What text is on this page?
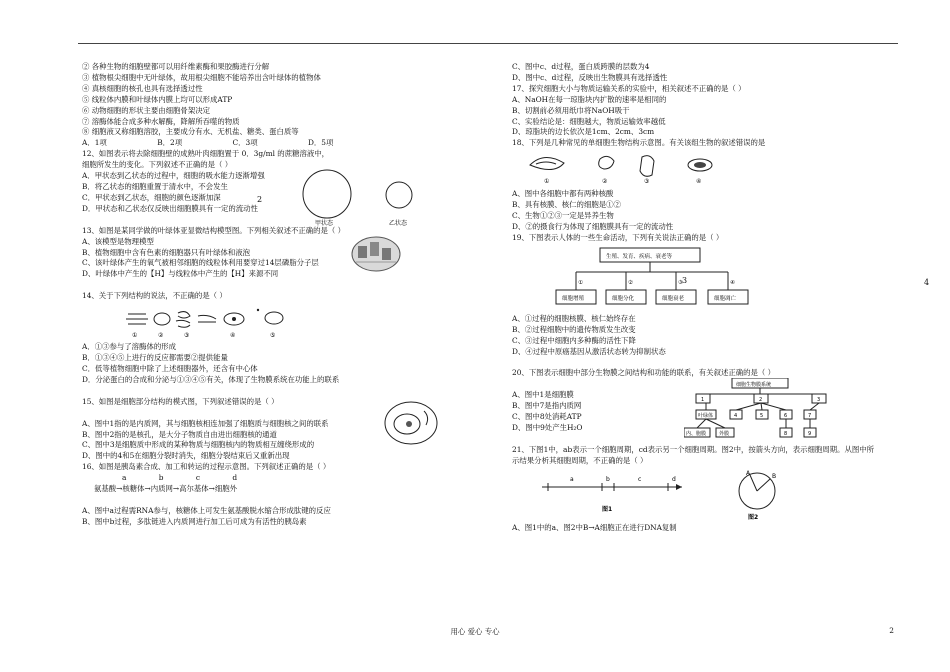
② 各种生物的细胞壁都可以用纤维素酶和果胶酶进行分解
③ 植物根尖细胞中无叶绿体，故用根尖细胞不能培养出含叶绿体的植物体
④ 真核细胞的核孔也具有选择透过性
⑤ 线粒体内膜和叶绿体内膜上均可以形成ATP
⑥ 动物细胞的形状主要由细胞骨架决定
⑦ 溶酶体能合成多种水解酶，降解所吞噬的物质
⑧ 细胞液又称细胞溶胶，主要成分有水、无机盐、糖类、蛋白质等
A．1项	B．2项	C．3项	D．5项
12、如图表示将去除细胞壁的成熟叶肉细胞置于 0．3g/ml 的蔗糖溶液中，
细胞所发生的变化。下列叙述不正确的是（ ）
A．甲状态到乙状态的过程中，细胞的吸水能力逐渐增强
B．将乙状态的细胞重置于清水中，不会发生
C．甲状态到乙状态，细胞的颜色逐渐加深
D．甲状态和乙状态仅反映出细胞膜具有一定的流动性
甲状态	乙状态
13、如图是某同学做的叶绿体亚显微结构模型图。下列相关叙述不正确的是（ ）
A、该模型是物理模型
B、植物细胞中含有色素的细胞器只有叶绿体和液泡
C、该叶绿体产生的氧气被相邻细胞的线粒体利用要穿过14层磷脂分子层
D、叶绿体中产生的【H】与线粒体中产生的【H】来源不同
14、关于下列结构的说法，不正确的是（ ）
①	②	③	④	⑤
A．①③参与了溶酶体的形成
B．①③④⑤上进行的反应都需要②提供能量
C．低等植物细胞中除了上述细胞器外，还含有中心体
D．分泌蛋白的合成和分泌与①③④⑤有关，体现了生物膜系统在功能上的联系
15、如图是细胞部分结构的模式图，下列叙述错误的是（ ）
A、图中1指的是内质网，其与细胞核相连加强了细胞质与细胞核之间的联系
B、图中2指的是核孔，是大分子物质自由进出细胞核的通道
C、图中3是细胞质中形成的某种物质与细胞核内的物质相互缠绕形成的
D、图中的4和5在细胞分裂时消失，细胞分裂结束后又重新出现
16、如图是胰岛素合成、加工和转运的过程示意图。下列叙述正确的是（ ）
a	b	c	d
氨基酸→核糖体→内质网→高尔基体→细胞外
A、图中a过程需RNA参与，核糖体上可发生氨基酸脱水缩合形成肽键的反应
B、图中b过程，多肽链进入内质网进行加工后可成为有活性的胰岛素
2
C、图中c、d过程，蛋白质跨膜的层数为4
D、图中c、d过程，反映出生物膜具有选择透性
17、探究细胞大小与物质运输关系的实验中，相关叙述不正确的是（ ）
A、NaOH在每一琼脂块内扩散的速率是相同的
B、切割前必须用纸巾将NaOH吸干
C、实验结论是：细胞越大，物质运输效率越低
D、琼脂块的边长依次是1cm、2cm、3cm
18、下列是几种常见的单细胞生物结构示意图。有关该组生物的叙述错误的是
①	②	③	④
A、图中各细胞中都有两种核酸
B、具有核膜、核仁的细胞是①②
C、生物①②③一定是异养生物
D、②的摄食行为体现了细胞膜具有一定的流动性
19、下图表示人体的一些生命活动，下列有关说法正确的是（ ）
生殖、发育、疾病、衰老等
①	②	③	④
细胞增殖	细胞分化	细胞衰老	细胞凋亡
A、①过程的细胞核膜、核仁始终存在
B、②过程细胞中的遗传物质发生改变
C、③过程中细胞内多种酶的活性下降
D、④过程中原癌基因从激活状态转为抑制状态
20、下图表示细胞中部分生物膜之间结构和功能的联系，有关叙述正确的是（ ）
A、图中1是细胞膜
B、图中7是指内质网
C、图中8处消耗ATP
D、图中9处产生H₂O
细胞生物膜系统
1	2	3
叶绿体	4	5	6	7
内、胞膜	外膜	8	9
21、下图1中，ab表示一个细胞周期，cd表示另一个细胞周期。图2中，按箭头方向，表示细胞周期。从图中所
示结果分析其细胞周期，不正确的是（ ）
a	b	c	d
图1
A	B
图2
A、图1中的a、图2中B→A细胞正在进行DNA复制
3	4
用心 爱心 专心	2
